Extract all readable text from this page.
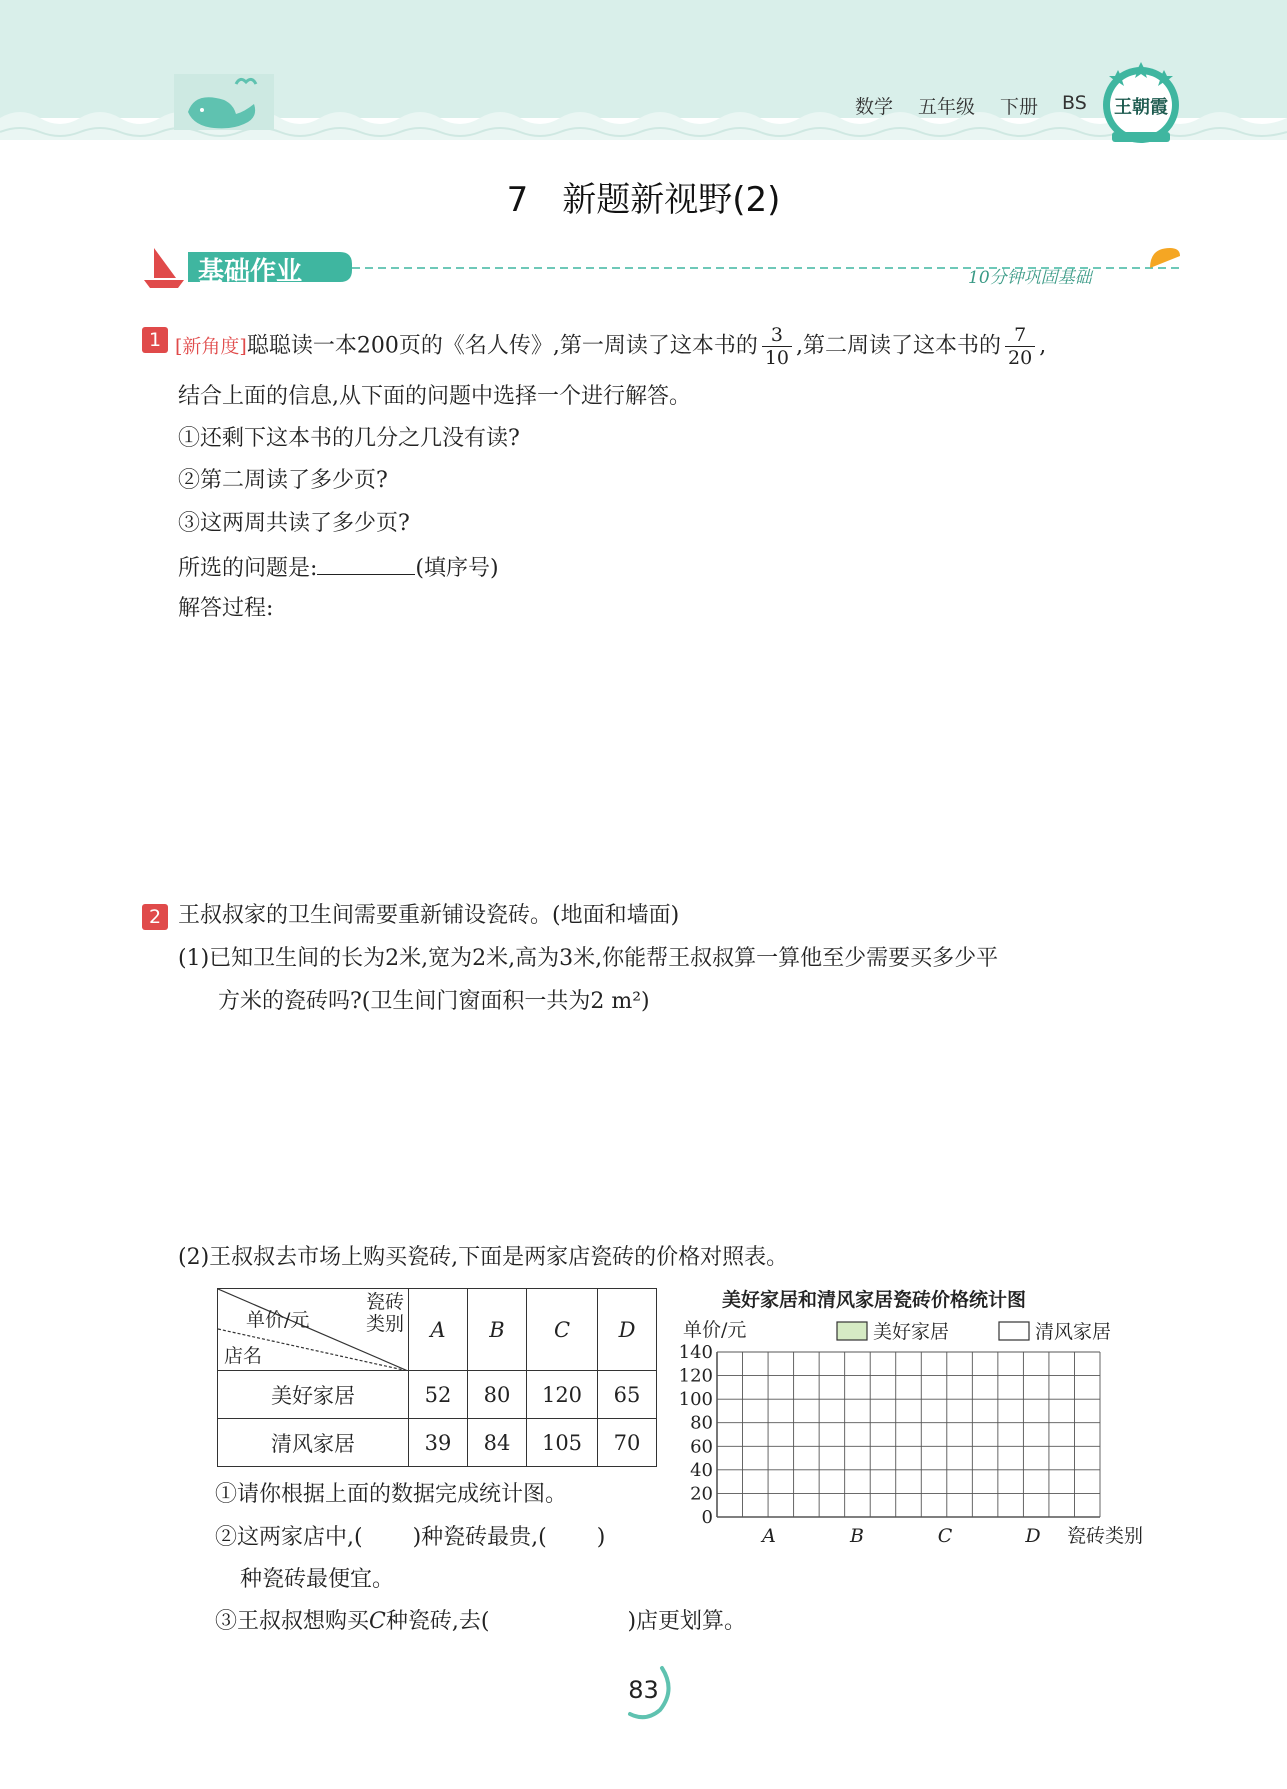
数学 五年级 下册 BS 王朝霞
7　新题新视野(2)
基础作业	10分钟巩固基础
1 [新角度]聪聪读一本200页的《名人传》,第一周读了这本书的 $\frac{3}{10}$ ,第二周读了这本书的 $\frac{7}{20}$ ,
结合上面的信息,从下面的问题中选择一个进行解答。
①还剩下这本书的几分之几没有读?
②第二周读了多少页?
③这两周共读了多少页?
所选的问题是:	(填序号)
解答过程:
2 王叔叔家的卫生间需要重新铺设瓷砖。(地面和墙面)
(1)已知卫生间的长为2米,宽为2米,高为3米,你能帮王叔叔算一算他至少需要买多少平
方米的瓷砖吗?(卫生间门窗面积一共为2 m²)
(2)王叔叔去市场上购买瓷砖,下面是两家店瓷砖的价格对照表。
瓷砖
类别
单价/元
店名	A	B	C	D
美好家居	52	80	120	65
清风家居	39	84	105	70
美好家居和清风家居瓷砖价格统计图
0
20
40
60
80
100
120
140
单价/元	美好家居	清风家居
A	B	C	D 瓷砖类别
①请你根据上面的数据完成统计图。
②这两家店中,( )种瓷砖最贵,( )
种瓷砖最便宜。
③王叔叔想购买C种瓷砖,去(	)店更划算。
83
